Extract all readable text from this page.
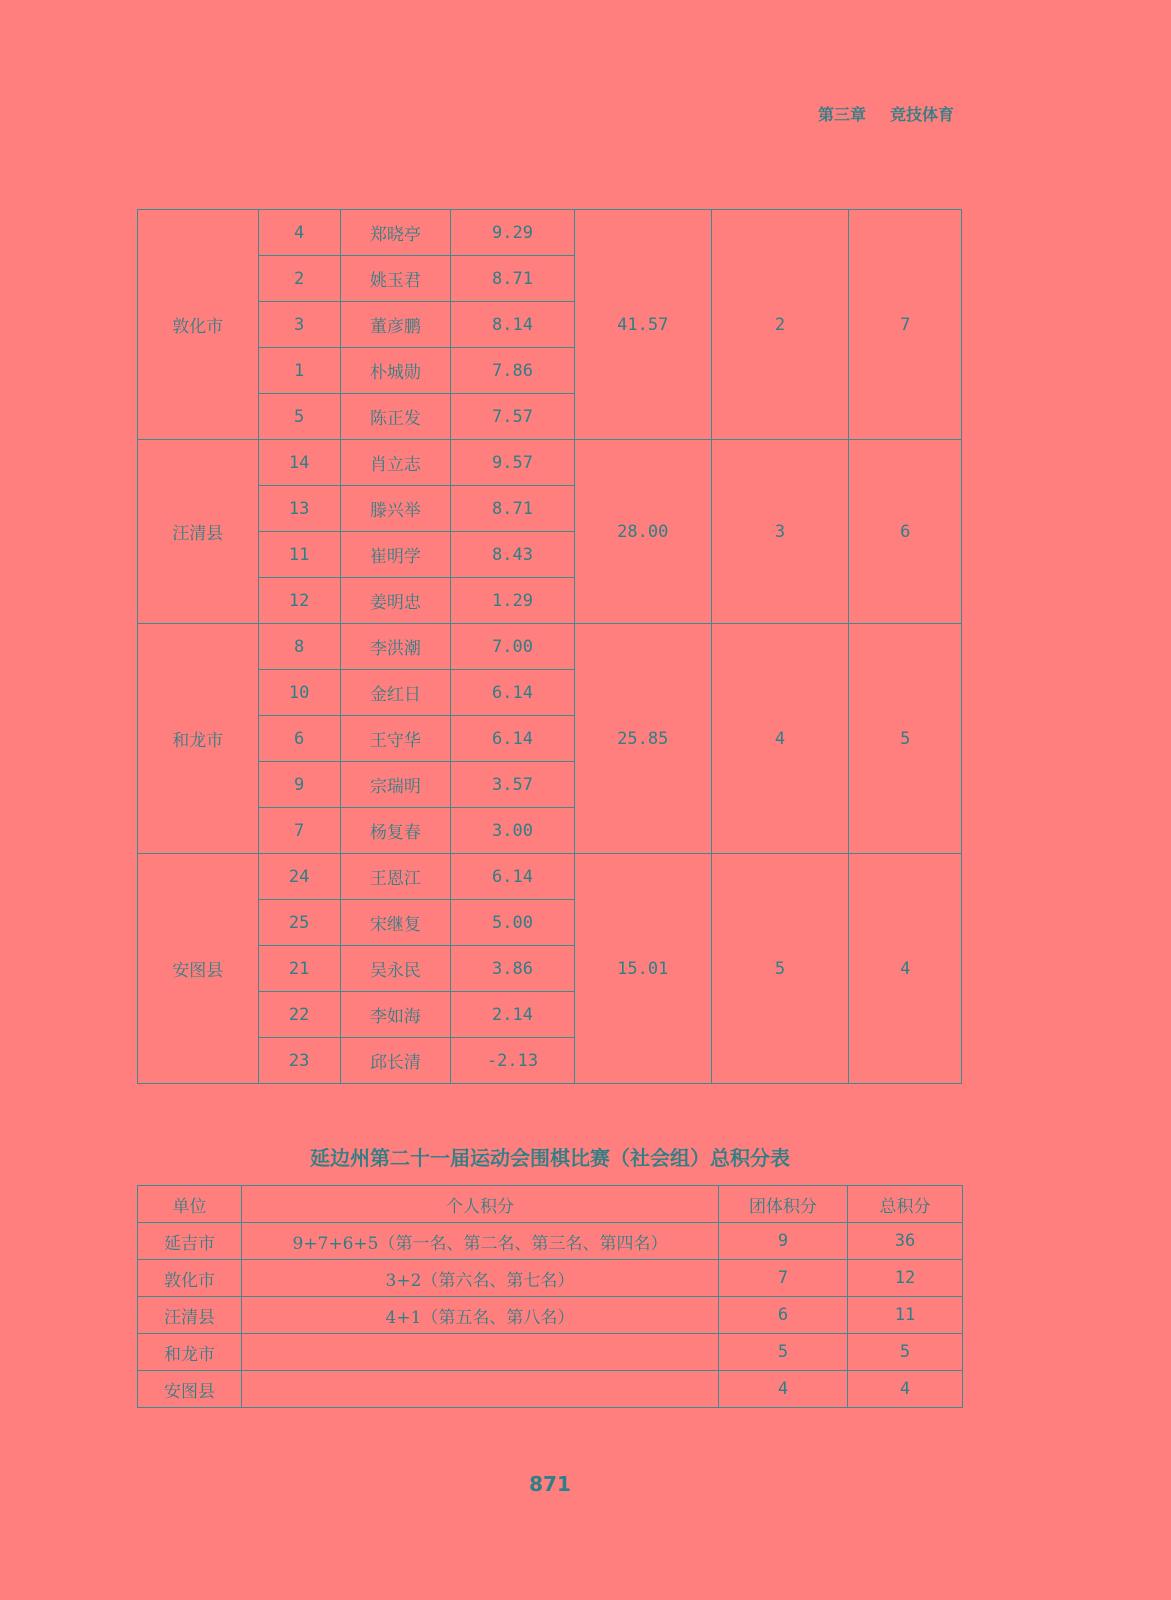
第三章 竞技体育
敦化市	4	郑晓亭	9.29	41.57	2	7
	2	姚玉君	8.71			
	3	董彦鹏	8.14			
	1	朴城勋	7.86			
	5	陈正发	7.57			
汪清县	14	肖立志	9.57	28.00	3	6
	13	滕兴举	8.71			
	11	崔明学	8.43			
	12	姜明忠	1.29			
和龙市	8	李洪潮	7.00	25.85	4	5
	10	金红日	6.14			
	6	王守华	6.14			
	9	宗瑞明	3.57			
	7	杨复春	3.00			
安图县	24	王恩江	6.14	15.01	5	4
	25	宋继复	5.00			
	21	吴永民	3.86			
	22	李如海	2.14			
	23	邱长清	-2.13			
延边州第二十一届运动会围棋比赛（社会组）总积分表
单位	个人积分	团体积分	总积分
延吉市	9+7+6+5（第一名、第二名、第三名、第四名）	9	36
敦化市	3+2（第六名、第七名）	7	12
汪清县	4+1（第五名、第八名）	6	11
和龙市		5	5
安图县		4	4
871
